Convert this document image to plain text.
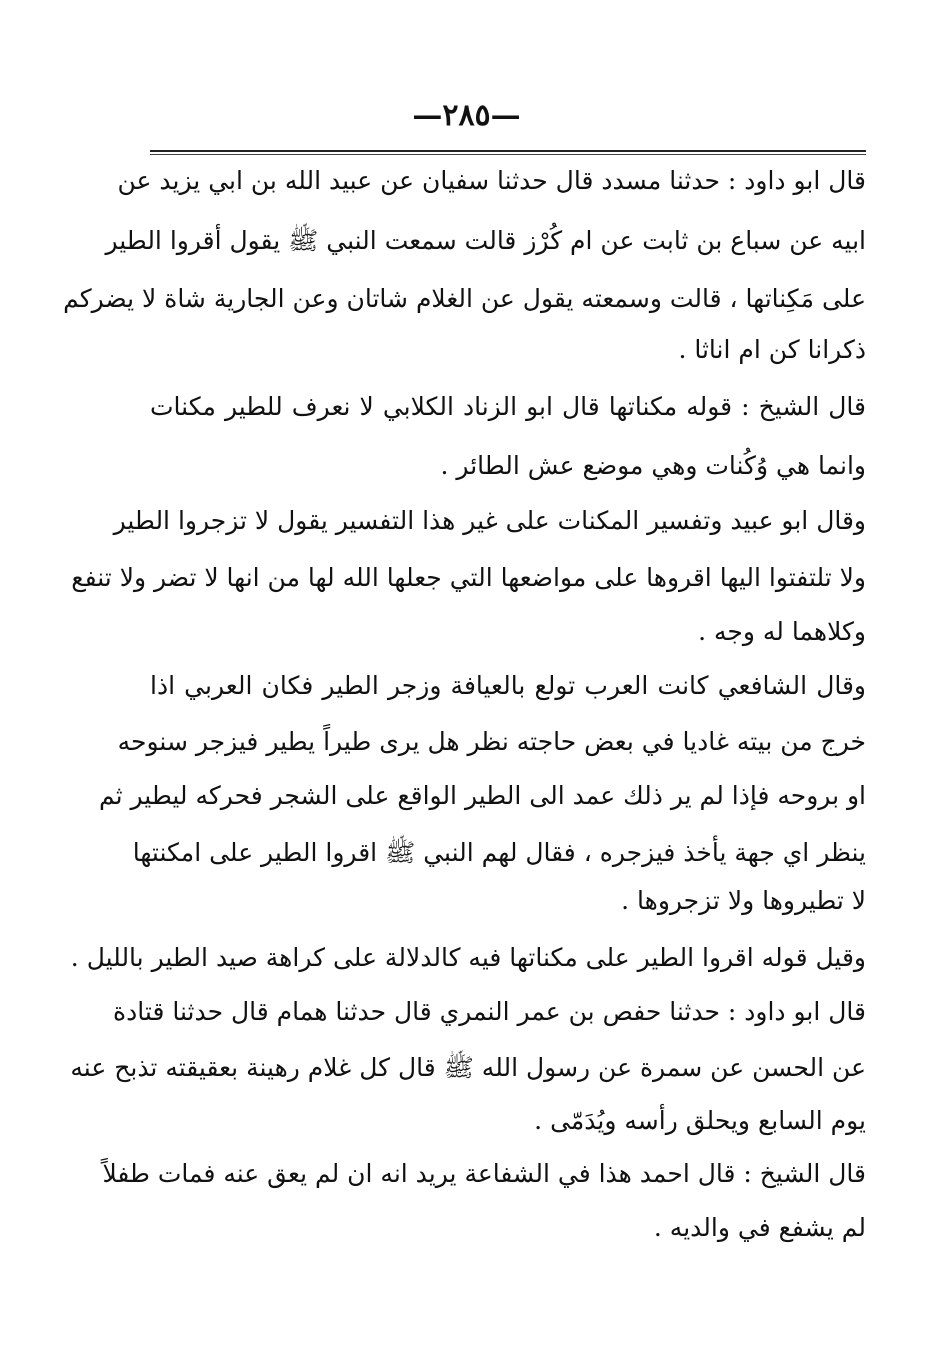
—٢٨٥—
قال ابو داود : حدثنا مسدد قال حدثنا سفيان عن عبيد الله بن ابي يزيد عن
ابيه عن سباع بن ثابت عن ام كُرْز قالت سمعت النبي ﷺ يقول أقروا الطير
على مَكِناتها ، قالت وسمعته يقول عن الغلام شاتان وعن الجارية شاة لا يضركم
ذكرانا كن ام اناثا .
قال الشيخ : قوله مكناتها قال ابو الزناد الكلابي لا نعرف للطير مكنات
وانما هي وُكُنات وهي موضع عش الطائر .
وقال ابو عبيد وتفسير المكنات على غير هذا التفسير يقول لا تزجروا الطير
ولا تلتفتوا اليها اقروها على مواضعها التي جعلها الله لها من انها لا تضر ولا تنفع
وكلاهما له وجه .
وقال الشافعي كانت العرب تولع بالعيافة وزجر الطير فكان العربي اذا
خرج من بيته غاديا في بعض حاجته نظر هل يرى طيراً يطير فيزجر سنوحه
او بروحه فإذا لم ير ذلك عمد الى الطير الواقع على الشجر فحركه ليطير ثم
ينظر اي جهة يأخذ فيزجره ، فقال لهم النبي ﷺ اقروا الطير على امكنتها
لا تطيروها ولا تزجروها .
وقيل قوله اقروا الطير على مكناتها فيه كالدلالة على كراهة صيد الطير بالليل .
قال ابو داود : حدثنا حفص بن عمر النمري قال حدثنا همام قال حدثنا قتادة
عن الحسن عن سمرة عن رسول الله ﷺ قال كل غلام رهينة بعقيقته تذبح عنه
يوم السابع ويحلق رأسه ويُدَمّى .
قال الشيخ : قال احمد هذا في الشفاعة يريد انه ان لم يعق عنه فمات طفلاً
لم يشفع في والديه .
